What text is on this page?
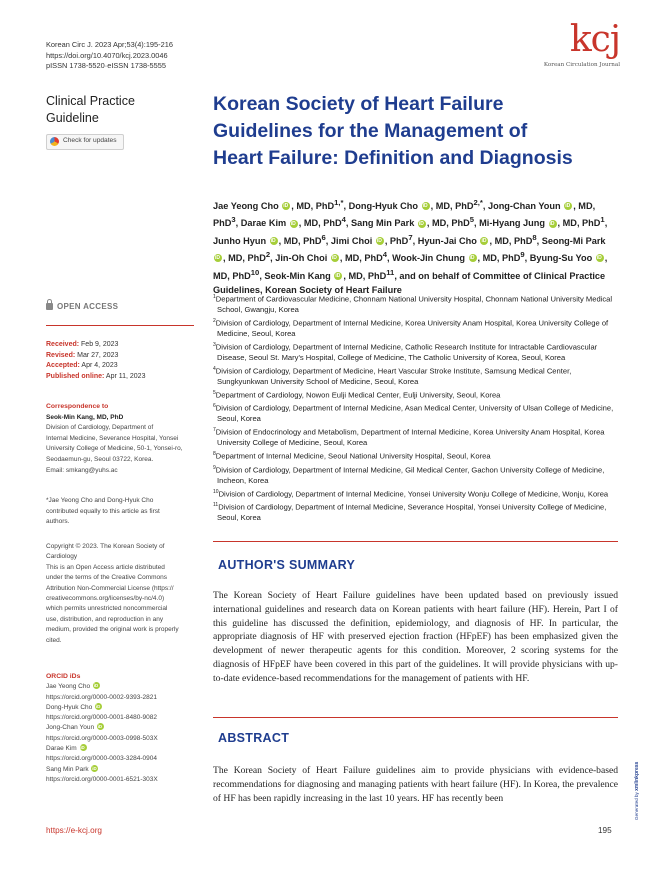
Korean Circ J. 2023 Apr;53(4):195-216
https://doi.org/10.4070/kcj.2023.0046
pISSN 1738-5520·eISSN 1738-5555
kcj
Korean Circulation Journal
Clinical Practice
Guideline
Check for updates
Korean Society of Heart Failure
Guidelines for the Management of
Heart Failure: Definition and Diagnosis
Jae Yeong Cho iD , MD, PhD$^{1,*}$, Dong-Hyuk Cho iD , MD, PhD$^{2,*}$, Jong-Chan Youn iD , MD, PhD$^3$, Darae Kim iD , MD, PhD$^4$, Sang Min Park iD , MD, PhD$^5$, Mi-Hyang Jung iD , MD, PhD$^1$, Junho Hyun iD , MD, PhD$^6$, Jimi Choi iD , PhD$^7$, Hyun-Jai Cho iD , MD, PhD$^8$, Seong-Mi Park iD, MD, PhD$^2$, Jin-Oh Choi iD , MD, PhD$^4$, Wook-Jin Chung iD , MD, PhD$^9$, Byung-Su Yoo iD , MD, PhD$^{10}$, Seok-Min Kang iD , MD, PhD$^{11}$, and on behalf of Committee of Clinical Practice Guidelines, Korean Society of Heart Failure
$^1$Department of Cardiovascular Medicine, Chonnam National University Hospital, Chonnam National University Medical School, Gwangju, Korea
$^2$Division of Cardiology, Department of Internal Medicine, Korea University Anam Hospital, Korea University College of Medicine, Seoul, Korea
$^3$Division of Cardiology, Department of Internal Medicine, Catholic Research Institute for Intractable Cardiovascular Disease, Seoul St. Mary's Hospital, College of Medicine, The Catholic University of Korea, Seoul, Korea
$^4$Division of Cardiology, Department of Medicine, Heart Vascular Stroke Institute, Samsung Medical Center, Sungkyunkwan University School of Medicine, Seoul, Korea
$^5$Department of Cardiology, Nowon Eulji Medical Center, Eulji University, Seoul, Korea
$^6$Division of Cardiology, Department of Internal Medicine, Asan Medical Center, University of Ulsan College of Medicine, Seoul, Korea
$^7$Division of Endocrinology and Metabolism, Department of Internal Medicine, Korea University Anam Hospital, Korea University College of Medicine, Seoul, Korea
$^8$Department of Internal Medicine, Seoul National University Hospital, Seoul, Korea
$^9$Division of Cardiology, Department of Internal Medicine, Gil Medical Center, Gachon University College of Medicine, Incheon, Korea
$^{10}$Division of Cardiology, Department of Internal Medicine, Yonsei University Wonju College of Medicine, Wonju, Korea
$^{11}$Division of Cardiology, Department of Internal Medicine, Severance Hospital, Yonsei University College of Medicine, Seoul, Korea
OPEN ACCESS
Received: Feb 9, 2023
Revised: Mar 27, 2023
Accepted: Apr 4, 2023
Published online: Apr 11, 2023
Correspondence to
Seok-Min Kang, MD, PhD
Division of Cardiology, Department of
Internal Medicine, Severance Hospital, Yonsei
University College of Medicine, 50-1, Yonsei-ro,
Seodaemun-gu, Seoul 03722, Korea.
Email: smkang@yuhs.ac
*Jae Yeong Cho and Dong-Hyuk Cho
contributed equally to this article as first
authors.
Copyright © 2023. The Korean Society of
Cardiology
This is an Open Access article distributed
under the terms of the Creative Commons
Attribution Non-Commercial License (https://
creativecommons.org/licenses/by-nc/4.0)
which permits unrestricted noncommercial
use, distribution, and reproduction in any
medium, provided the original work is properly
cited.
ORCID iDs
Jae Yeong Cho iD
https://orcid.org/0000-0002-9393-2821
Dong-Hyuk Cho iD
https://orcid.org/0000-0001-8480-9082
Jong-Chan Youn iD
https://orcid.org/0000-0003-0998-503X
Darae Kim iD
https://orcid.org/0000-0003-3284-0904
Sang Min Park iD
https://orcid.org/0000-0001-6521-303X
AUTHOR'S SUMMARY
The Korean Society of Heart Failure guidelines have been updated based on previously issued international guidelines and research data on Korean patients with heart failure (HF). Herein, Part I of this guideline has discussed the definition, epidemiology, and diagnosis of HF. In particular, the appropriate diagnosis of HF with preserved ejection fraction (HFpEF) has been emphasized given the development of newer therapeutic agents for this condition. Moreover, 2 scoring systems for the diagnosis of HFpEF have been covered in this part of the guidelines. It will provide physicians with up-to-date evidence-based recommendations for the management of patients with HF.
ABSTRACT
The Korean Society of Heart Failure guidelines aim to provide physicians with evidence-based recommendations for diagnosing and managing patients with heart failure (HF). In Korea, the prevalence of HF has been rapidly increasing in the last 10 years. HF has recently been
https://e-kcj.org	195
Generated by xmlinkpress
